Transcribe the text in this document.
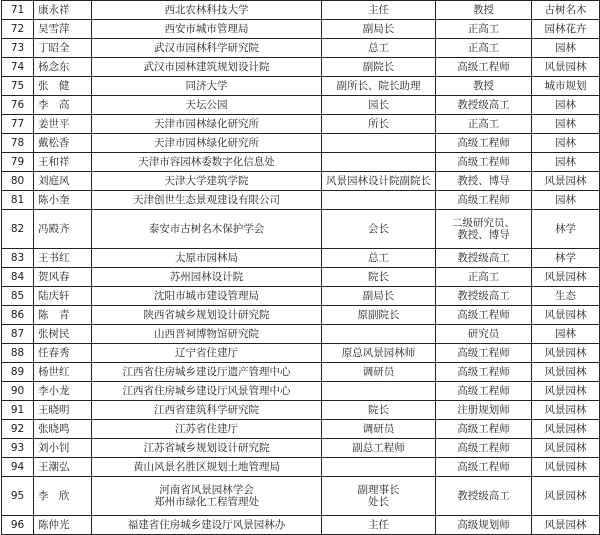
71	康永祥	西北农林科技大学	主任	教授	古树名木
72	吴雪萍	西安市城市管理局	副局长	正高工	园林花卉
73	丁昭全	武汉市园林科学研究院	总工	正高工	园林
74	杨念东	武汉市园林建筑规划设计院	副院长	高级工程师	风景园林
75	张　健	同济大学	副所长、院长助理	教授	城市规划
76	李　高	天坛公园	园长	教授级高工	园林
77	姜世平	天津市园林绿化研究所	所长	正高工	园林
78	戴松香	天津市园林绿化研究所		高级工程师	园林
79	王和祥	天津市容园林委数字化信息处		高级工程师	园林
80	刘庭风	天津大学建筑学院	风景园林设计院副院长	教授、博导	风景园林
81	陈小奎	天津创世生态景观建设有限公司		高级工程师	园林
82	冯殿齐	泰安市古树名木保护学会	会长	二级研究员、
教授、博导	林学
83	王书红	太原市园林局	总工	教授级高工	林学
84	贺风春	苏州园林设计院	院长	正高工	风景园林
85	陆庆轩	沈阳市城市建设管理局	副局长	教授级高工	生态
86	陈　青	陕西省城乡规划设计研究院	原副院长	高级工程师	风景园林
87	张树民	山西晋祠博物馆研究院		研究员	园林
88	任春秀	辽宁省住建厅	原总风景园林师	高级工程师	风景园林
89	杨世红	江西省住房城乡建设厅遗产管理中心	调研员	高级工程师	风景园林
90	李小龙	江西省住房城乡建设厅风景管理中心		高级工程师	风景园林
91	王晓明	江西省建筑科学研究院	院长	注册规划师	风景园林
92	张晓鸣	江苏省住建厅	调研员	高级工程师	风景园林
93	刘小钊	江苏省城乡规划设计研究院	副总工程师	高级工程师	风景园林
94	王潮弘	黄山风景名胜区规划土地管理局		高级工程师	风景园林
95	李　欣	河南省风景园林学会
郑州市绿化工程管理处	副理事长
处长	教授级高工	风景园林
96	陈仲光	福建省住房城乡建设厅风景园林办	主任	高级规划师	风景园林
